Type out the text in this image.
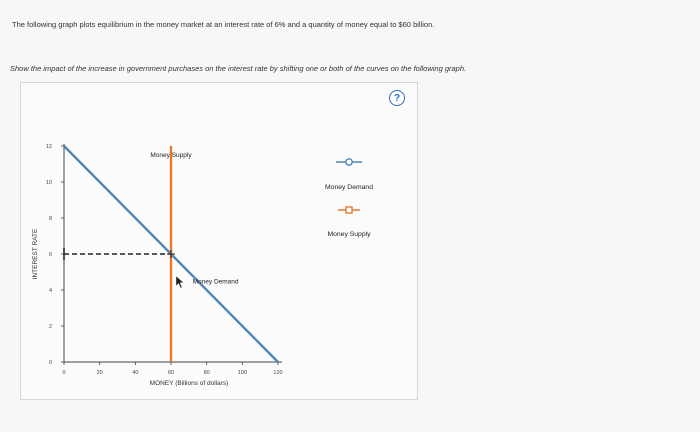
The following graph plots equilibrium in the money market at an interest rate of 6% and a quantity of money equal to $60 billion.
Show the impact of the increase in government purchases on the interest rate by shifting one or both of the curves on the following graph.
?
0
2
4
6
8
10
12
0	20	40	60	80	100	120
MONEY (Billions of dollars)
INTEREST RATE
Money Supply
Money Demand
Money Demand
Money Supply
